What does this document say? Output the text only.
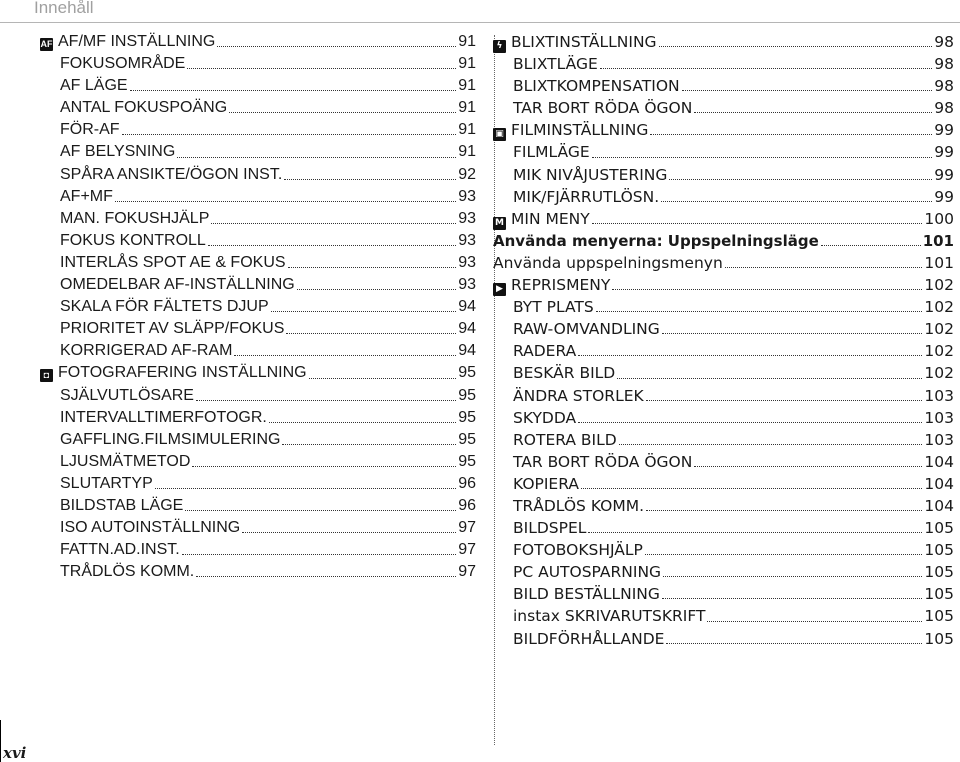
Innehåll
AF AF/MF INSTÄLLNING	91
FOKUSOMRÅDE	91
AF LÄGE	91
ANTAL FOKUSPOÄNG	91
FÖR-AF	91
AF BELYSNING	91
SPÅRA ANSIKTE/ÖGON INST.	92
AF+MF	93
MAN. FOKUSHJÄLP	93
FOKUS KONTROLL	93
INTERLÅS SPOT AE & FOKUS	93
OMEDELBAR AF-INSTÄLLNING	93
SKALA FÖR FÄLTETS DJUP	94
PRIORITET AV SLÄPP/FOKUS	94
KORRIGERAD AF-RAM	94
◘ FOTOGRAFERING INSTÄLLNING	95
SJÄLVUTLÖSARE	95
INTERVALLTIMERFOTOGR.	95
GAFFLING.FILMSIMULERING	95
LJUSMÄTMETOD	95
SLUTARTYP	96
BILDSTAB LÄGE	96
ISO AUTOINSTÄLLNING	97
FATTN.AD.INST.	97
TRÅDLÖS KOMM.	97
ϟ BLIXTINSTÄLLNING	98
BLIXTLÄGE	98
BLIXTKOMPENSATION	98
TAR BORT RÖDA ÖGON	98
▣ FILMINSTÄLLNING	99
FILMLÄGE	99
MIK NIVÅJUSTERING	99
MIK/FJÄRRUTLÖSN.	99
M MIN MENY	100
Använda menyerna: Uppspelningsläge	101
Använda uppspelningsmenyn	101
▶ REPRISMENY	102
BYT PLATS	102
RAW-OMVANDLING	102
RADERA	102
BESKÄR BILD	102
ÄNDRA STORLEK	103
SKYDDA	103
ROTERA BILD	103
TAR BORT RÖDA ÖGON	104
KOPIERA	104
TRÅDLÖS KOMM.	104
BILDSPEL	105
FOTOBOKSHJÄLP	105
PC AUTOSPARNING	105
BILD BESTÄLLNING	105
instax SKRIVARUTSKRIFT	105
BILDFÖRHÅLLANDE	105
xvi
